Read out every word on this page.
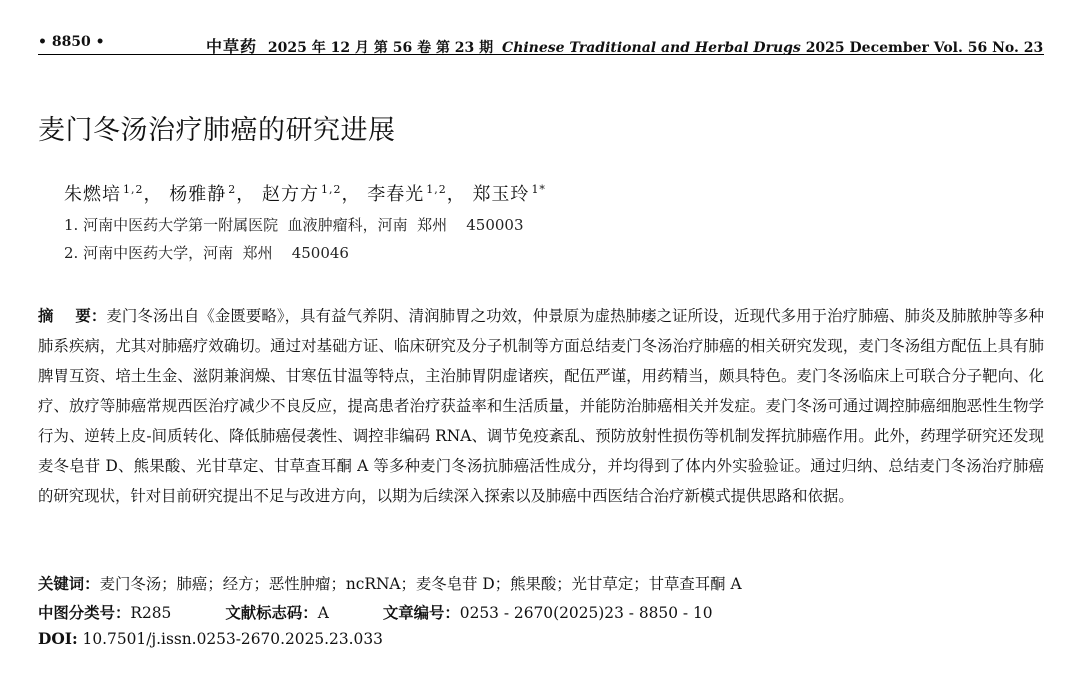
• 8850 •	中草药 2025 年 12 月 第 56 卷 第 23 期 Chinese Traditional and Herbal Drugs 2025 December Vol. 56 No. 23
麦门冬汤治疗肺癌的研究进展
朱燃培 $^{1,2}$， 杨雅静 $^2$， 赵方方 $^{1,2}$， 李春光 $^{1,2}$， 郑玉玲 $^{1*}$
1. 河南中医药大学第一附属医院  血液肿瘤科，河南  郑州    450003
2. 河南中医药大学，河南  郑州    450046

摘    要：麦门冬汤出自《金匮要略》，具有益气养阴、清润肺胃之功效，仲景原为虚热肺痿之证所设，近现代多用于治疗肺癌、肺炎及肺脓肿等多种肺系疾病，尤其对肺癌疗效确切。通过对基础方证、临床研究及分子机制等方面总结麦门冬汤治疗肺癌的相关研究发现，麦门冬汤组方配伍上具有肺脾胃互资、培土生金、滋阴兼润燥、甘寒伍甘温等特点，主治肺胃阴虚诸疾，配伍严谨，用药精当，颇具特色。麦门冬汤临床上可联合分子靶向、化疗、放疗等肺癌常规西医治疗减少不良反应，提高患者治疗获益率和生活质量，并能防治肺癌相关并发症。麦门冬汤可通过调控肺癌细胞恶性生物学行为、逆转上皮-间质转化、降低肺癌侵袭性、调控非编码 RNA、调节免疫紊乱、预防放射性损伤等机制发挥抗肺癌作用。此外，药理学研究还发现麦冬皂苷 D、熊果酸、光甘草定、甘草查耳酮 A 等多种麦门冬汤抗肺癌活性成分，并均得到了体内外实验验证。通过归纳、总结麦门冬汤治疗肺癌的研究现状，针对目前研究提出不足与改进方向，以期为后续深入探索以及肺癌中西医结合治疗新模式提供思路和依据。

关键词：麦门冬汤；肺癌；经方；恶性肿瘤；ncRNA；麦冬皂苷 D；熊果酸；光甘草定；甘草查耳酮 A
中图分类号：R285	文献标志码：A	文章编号：0253 - 2670(2025)23 - 8850 - 10
DOI: 10.7501/j.issn.0253-2670.2025.23.033
